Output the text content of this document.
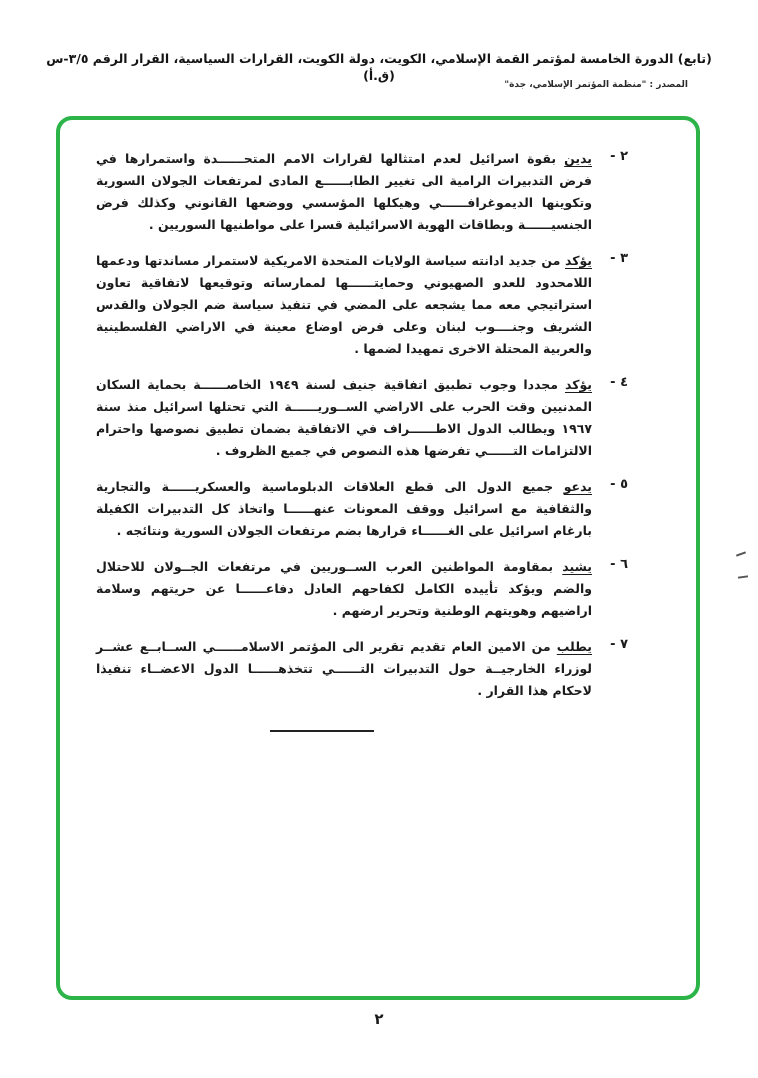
(تابع) الدورة الخامسة لمؤتمر القمة الإسلامي، الكويت، دولة الكويت، القرارات السياسية، القرار الرقم ٣/٥-س (ق.أ)
المصدر : "منظمة المؤتمر الإسلامي، جدة"
٢ -

يدين بقوة اسرائيل لعدم امتثالها لقرارات الامم المتحــــــدة واستمرارها في فرض التدبيرات الرامية الى تغيير الطابــــــع المادى لمرتفعات الجولان السورية وتكوينها الديموغرافــــــي وهيكلها المؤسسي ووضعها القانوني وكذلك فرض الجنسيــــــة وبطاقات الهوية الاسرائيلية قسرا على مواطنيها السوريين .

٣ -

يؤكد من جديد ادانته سياسة الولايات المتحدة الامريكية لاستمرار مساندتها ودعمها اللامحدود للعدو الصهيوني وحمايتــــــها لممارساته وتوقيعها لاتفاقية تعاون استراتيجي معه مما يشجعه على المضي في تنفيذ سياسة ضم الجولان والقدس الشريف وجنــــوب لبنان وعلى فرض اوضاع معينة في الاراضي الفلسطينية والعربية المحتلة الاخرى تمهيدا لضمها .

٤ -

يؤكد مجددا وجوب تطبيق اتفاقية جنيف لسنة ١٩٤٩ الخاصــــــة بحماية السكان المدنيين وقت الحرب على الاراضي الســوريــــــة التي تحتلها اسرائيل منذ سنة ١٩٦٧ ويطالب الدول الاطــــــراف في الاتفاقية بضمان تطبيق نصوصها واحترام الالتزامات التــــــي تفرضها هذه النصوص في جميع الظروف .

٥ -

يدعو جميع الدول الى قطع العلاقات الدبلوماسية والعسكريــــــة والتجارية والثقافية مع اسرائيل ووقف المعونات عنهــــــا واتخاذ كل التدبيرات الكفيلة بارغام اسرائيل على الغــــــاء قرارها بضم مرتفعات الجولان السورية ونتائجه .

٦ -

يشيد بمقاومة المواطنين العرب الســوريين في مرتفعات الجــولان للاحتلال والضم ويؤكد تأييده الكامل لكفاحهم العادل دفاعــــــا عن حريتهم وسلامة اراضيهم وهويتهم الوطنية وتحرير ارضهم .

٧ -

يطلب من الامين العام تقديم تقرير الى المؤتمر الاسلامــــــي الســابــع عشــر لوزراء الخارجيــة حول التدبيرات التــــــي تتخذهــــــا الدول الاعضــاء تنفيذا لاحكام هذا القرار .

٢
